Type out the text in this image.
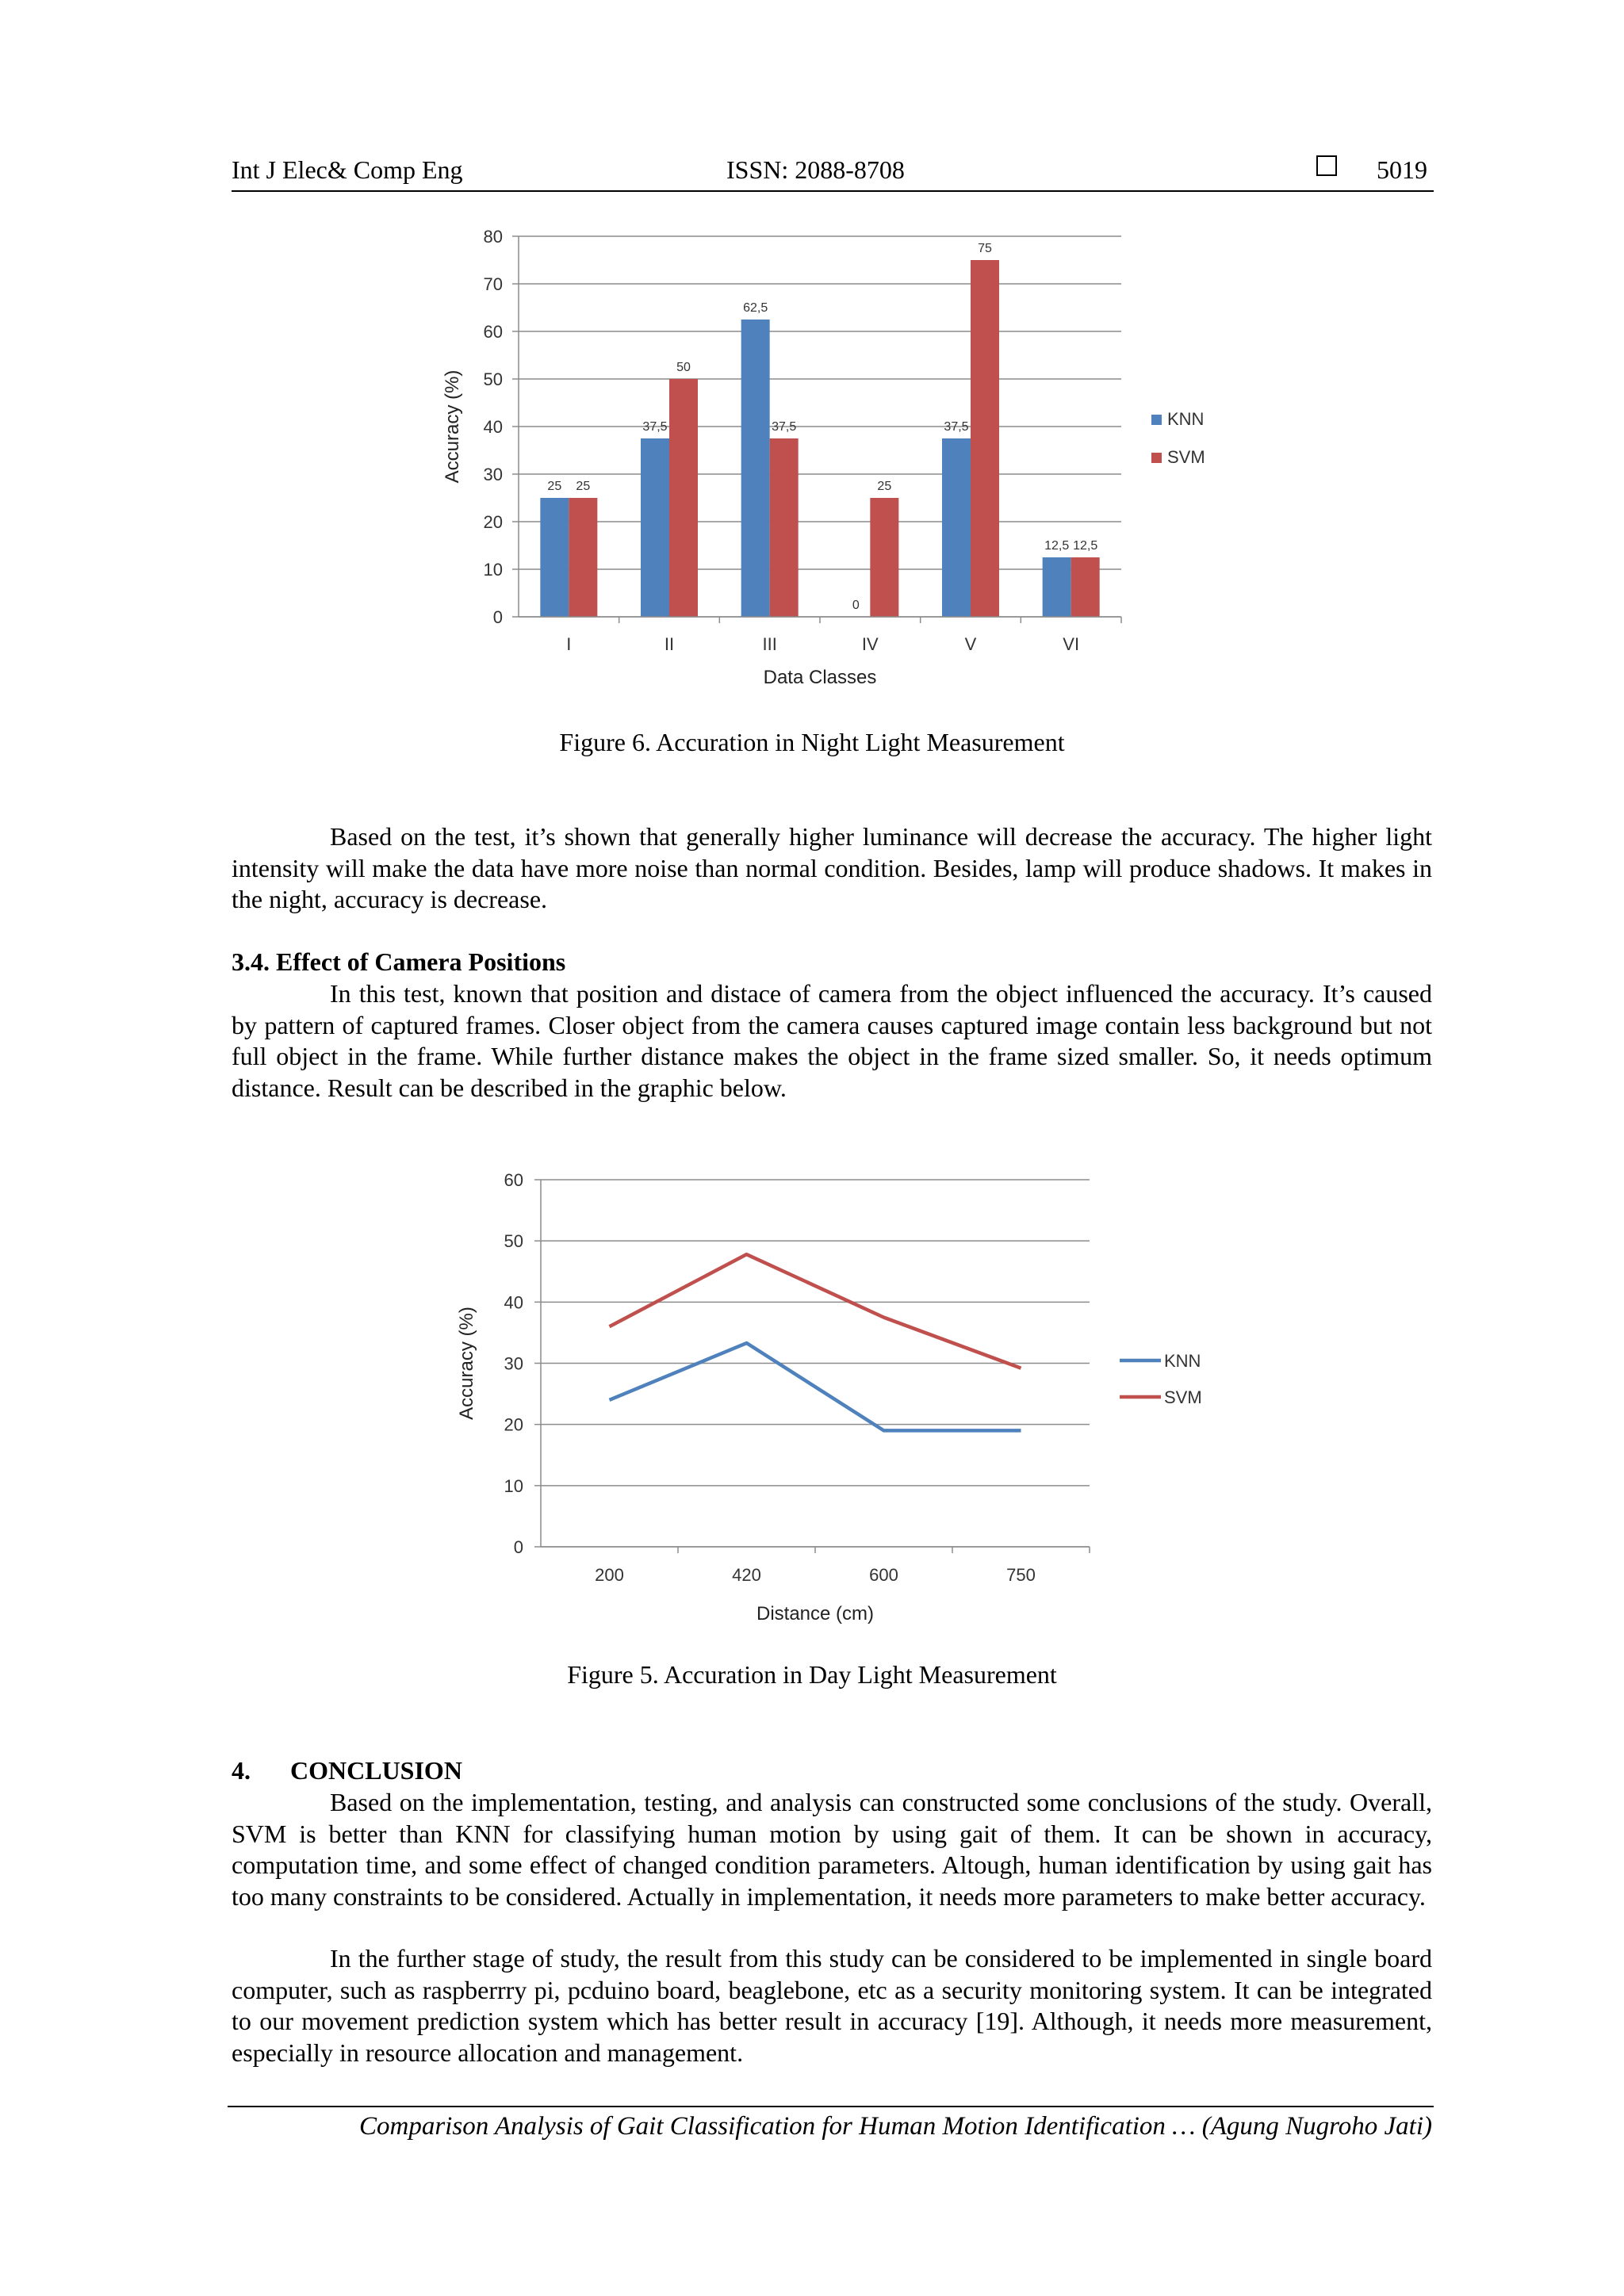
Int J Elec& Comp Eng	ISSN: 2088-8708	5019
0
10
20
30
40
50
60
70
80
I
25 25
II
37,5
50
III
62,5
37,5
IV
0
25
V
37,5
75
VI
12,5 12,5
Data Classes
Accuracy (%)	KNN
SVM
Figure 6. Accuration in Night Light Measurement

Based on the test, it’s shown that generally higher luminance will decrease the accuracy. The higher light intensity will make the data have more noise than normal condition. Besides, lamp will produce shadows. It makes in the night, accuracy is decrease.

3.4. Effect of Camera Positions

In this test, known that position and distace of camera from the object influenced the accuracy. It’s caused by pattern of captured frames. Closer object from the camera causes captured image contain less background but not full object in the frame. While further distance makes the object in the frame sized smaller. So, it needs optimum distance. Result can be described in the graphic below.

0
10
20
30
40
50
60
200	420	600	750
Distance (cm)
Accuracy (%)	KNN
SVM
Figure 5. Accuration in Day Light Measurement
4. CONCLUSION

Based on the implementation, testing, and analysis can constructed some conclusions of the study. Overall, SVM is better than KNN for classifying human motion by using gait of them. It can be shown in accuracy, computation time, and some effect of changed condition parameters. Altough, human identification by using gait has too many constraints to be considered. Actually in implementation, it needs more parameters to make better accuracy.

In the further stage of study, the result from this study can be considered to be implemented in single board computer, such as raspberrry pi, pcduino board, beaglebone, etc as a security monitoring system. It can be integrated to our movement prediction system which has better result in accuracy [19]. Although, it needs more measurement, especially in resource allocation and management.

Comparison Analysis of Gait Classification for Human Motion Identification … (Agung Nugroho Jati)
